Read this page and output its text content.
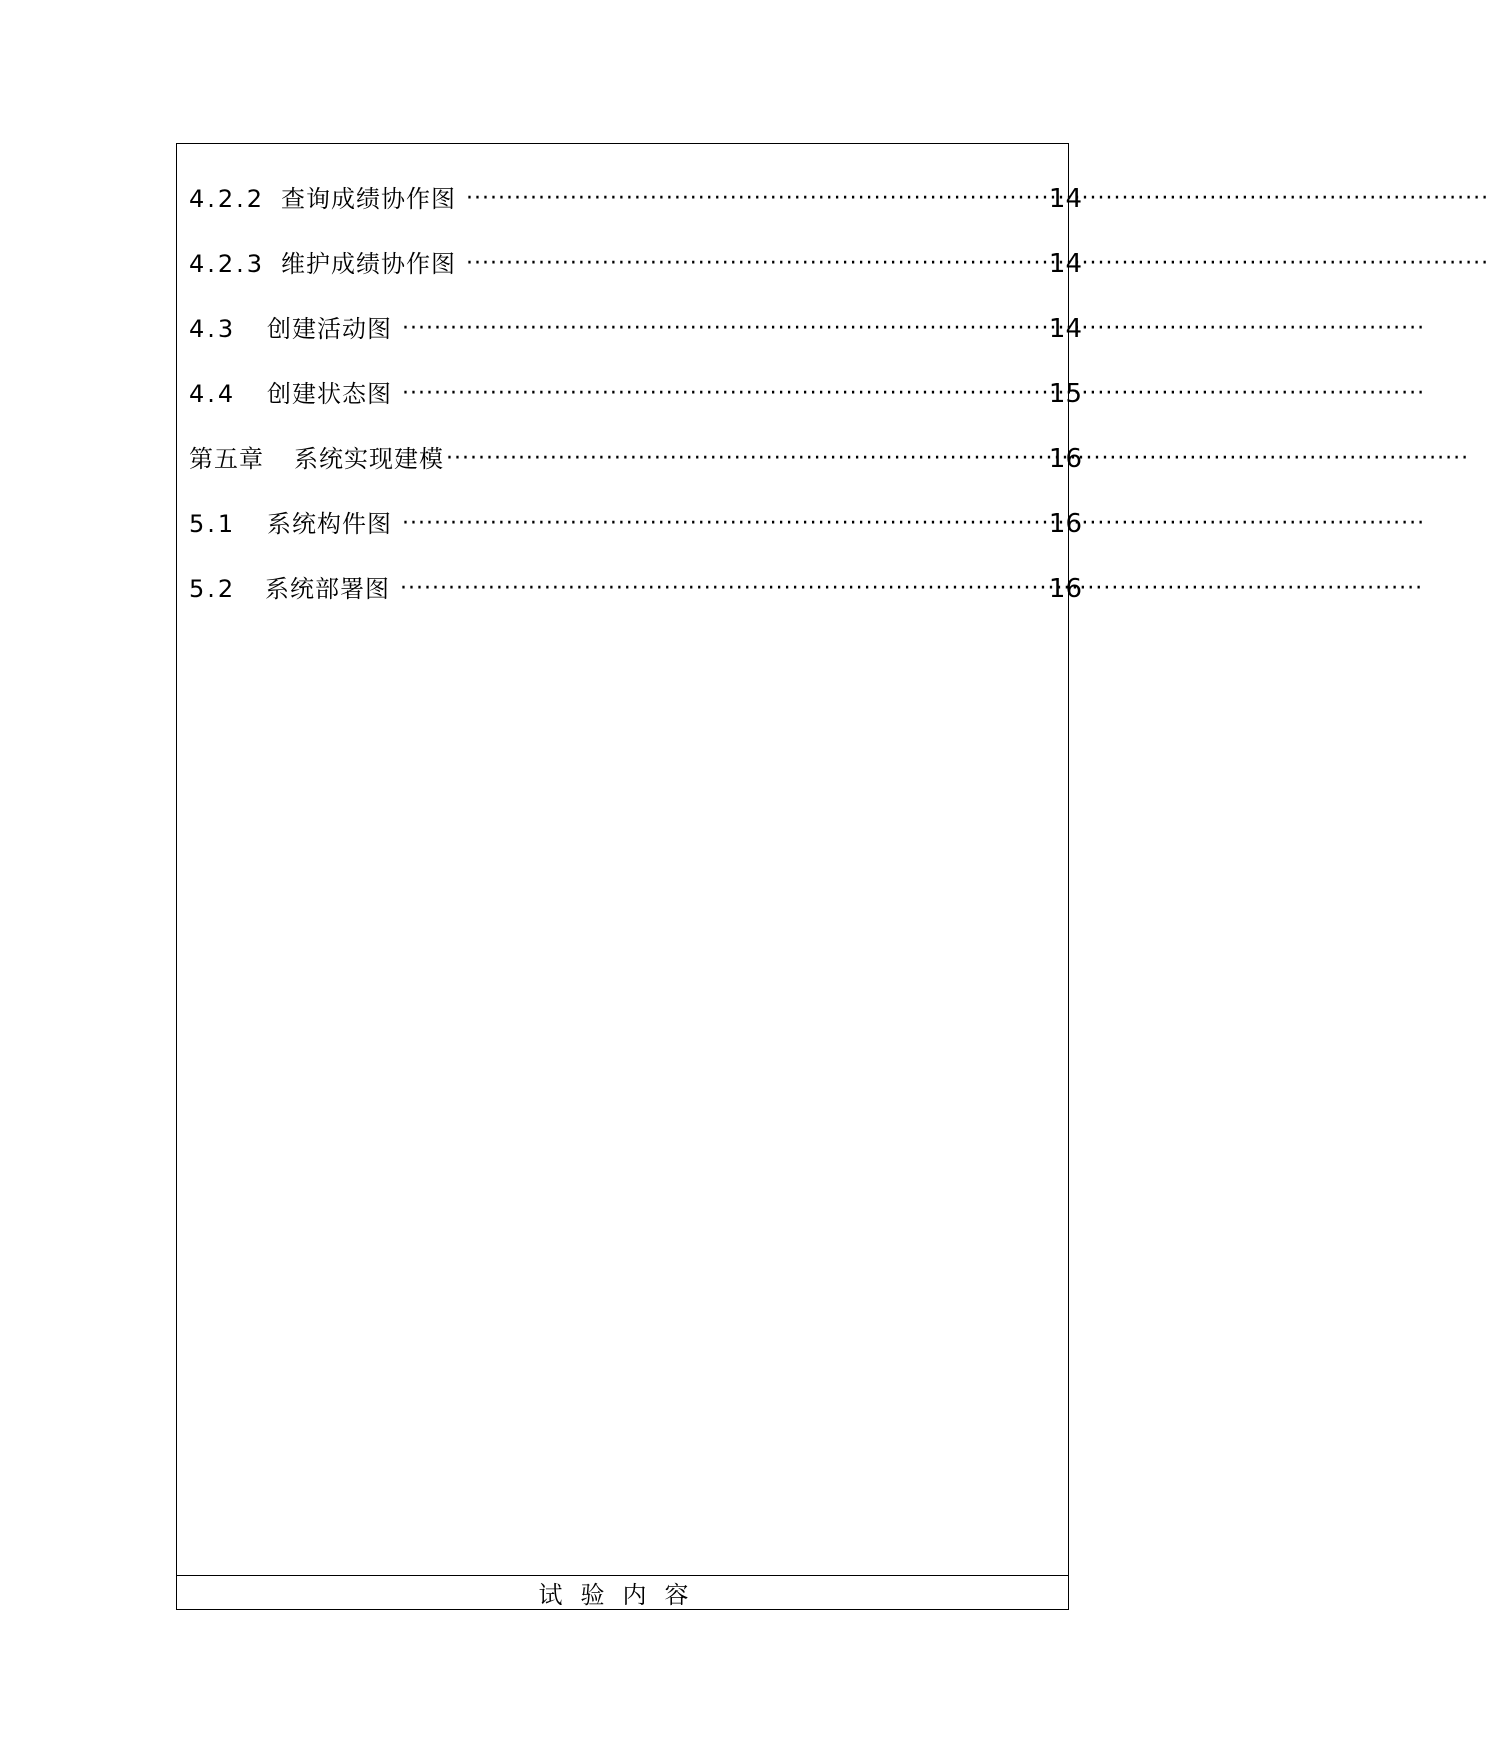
4.2.2 查询成绩协作图 ·····	14
4.2.3 维护成绩协作图 ·····	14
4.3	创建活动图 ·····	14
4.4	创建状态图 ·····	15
第五章	系统实现建模 ·····	16
5.1	系统构件图 ·····	16
5.2	系统部署图 ·····	16
试验内容
